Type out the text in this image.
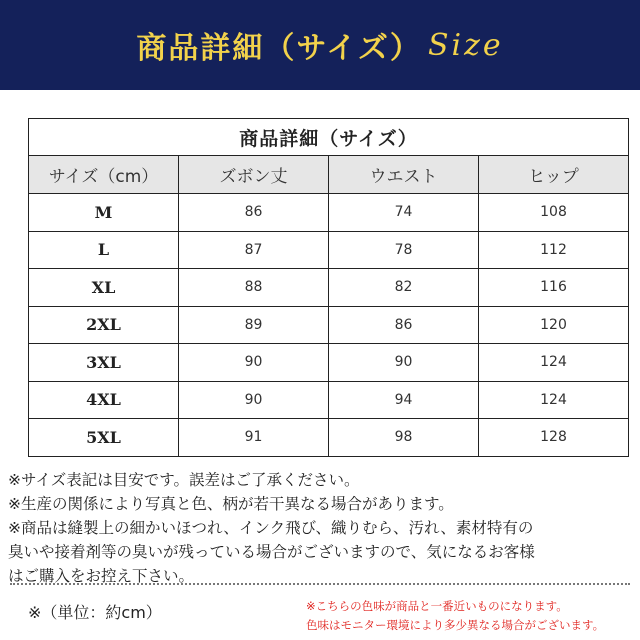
商品詳細（サイズ） Size
商品詳細（サイズ）			
サイズ（cm）	ズボン丈	ウエスト	ヒップ
M	86	74	108
L	87	78	112
XL	88	82	116
2XL	89	86	120
3XL	90	90	124
4XL	90	94	124
5XL	91	98	128
※サイズ表記は目安です。誤差はご了承ください。
※生産の関係により写真と色、柄が若干異なる場合があります。
※商品は縫製上の細かいほつれ、インク飛び、織りむら、汚れ、素材特有の
臭いや接着剤等の臭いが残っている場合がございますので、気になるお客様
はご購入をお控え下さい。
※（単位：約cm）	※こちらの色味が商品と一番近いものになります。
色味はモニター環境により多少異なる場合がございます。
